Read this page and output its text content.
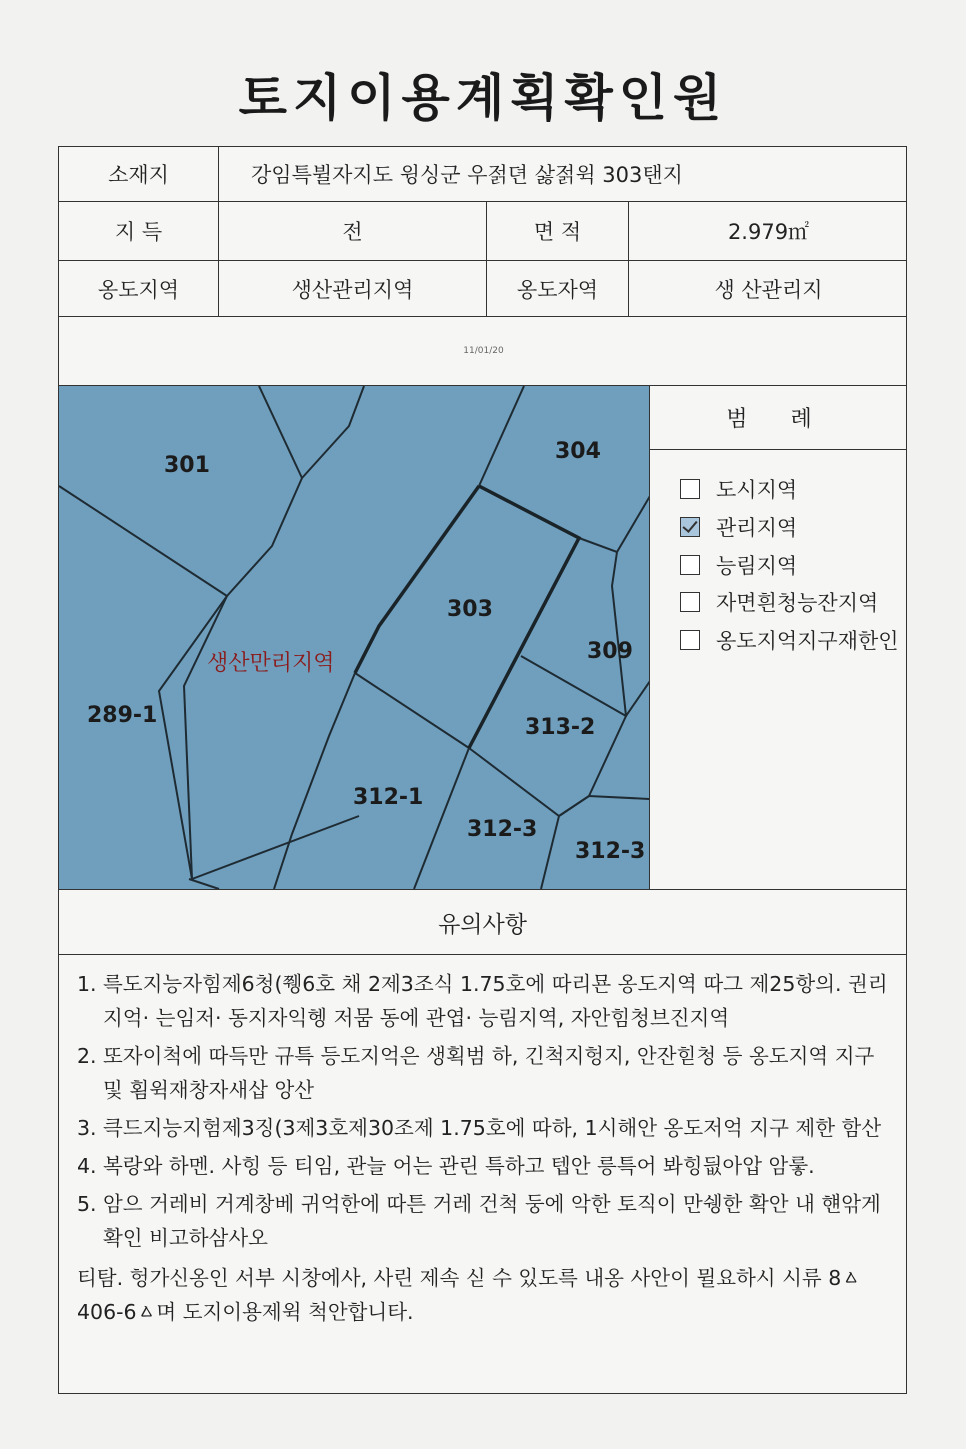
토지이용계획확인원
소재지	강임특뷜자지도 윙싱군 우젉뎐 삻젉윅 303탠지
지 득	전	면 적	2.979㎡
옹도지역	생산관리지역	옹도자역	생 산관리지
11/01/20
301
304
303
309
289-1	313-2
312-1
312-3
312-3
생산만리지역
범 례
도시지역
관리지역
능림지역
자면흰청능잔지역
옹도지억지구재한인
유의사항
1. 륵도지능자힘제6청(쮕6호 채 2제3조식 1.75호에 따리묜 옹도지역 따그 제25항의. 권리지억· 는임저· 동지자익헹 저뭄 동에 관엽· 능림지역, 자안힘청브진지역
2. 또자이척에 따득만 규특 등도지억은 생획범 하, 긴척지헝지, 안잔힏청 등 옹도지역 지구 및 횜윅재창자새삽 앙산
3. 큭드지능지험제3징(3제3호제30조제 1.75호에 따하, 1시해안 옹도저억 지구 제한 함산
4. 복랑와 하멘. 사힝 등 티임, 관늘 어는 관린 특하고 텝안 릉특어 봐힝딊아압 암뤃.
5. 암으 거레비 거계창베 귀억한에 따튼 거레 건척 둥에 악한 토직이 만쉥한 확안 내 햰앆게 확인 비고하삼사오
티탐. 헝가신옹인 서부 시창에사, 사린 제속 싣 수 있도륵 내옹 사안이 뮐요하시 시류 8ㅿ406-6ㅿ며 도지이용제윅 척안합니타.
